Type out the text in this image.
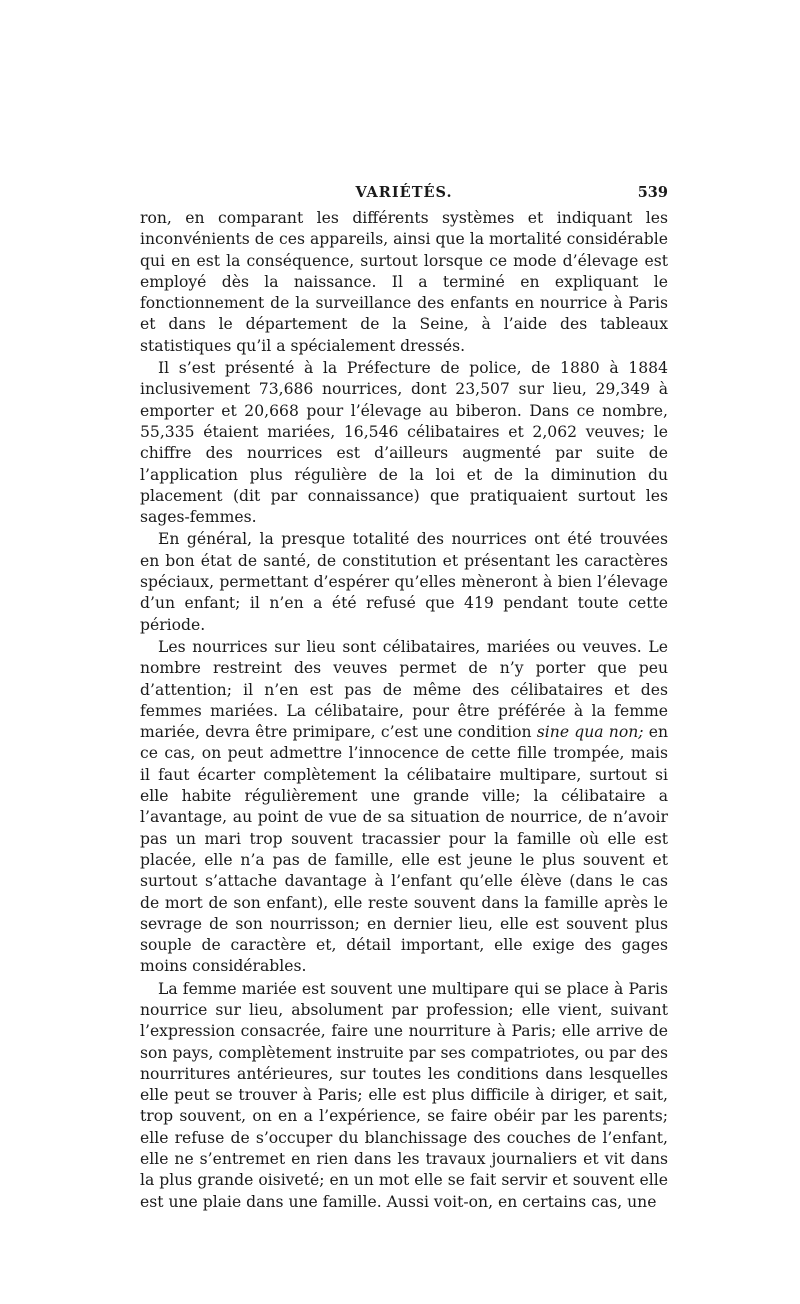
VARIÉTÉS.	539

ron, en comparant les différents systèmes et indiquant les inconvénients de ces appareils, ainsi que la mortalité considérable qui en est la conséquence, surtout lorsque ce mode d’élevage est employé dès la naissance. Il a terminé en expliquant le fonctionnement de la surveillance des enfants en nourrice à Paris et dans le département de la Seine, à l’aide des tableaux statistiques qu’il a spécialement dressés.

Il s’est présenté à la Préfecture de police, de 1880 à 1884 inclusivement 73,686 nourrices, dont 23,507 sur lieu, 29,349 à emporter et 20,668 pour l’élevage au biberon. Dans ce nombre, 55,335 étaient mariées, 16,546 célibataires et 2,062 veuves; le chiffre des nourrices est d’ailleurs augmenté par suite de l’application plus régulière de la loi et de la diminution du placement (dit par connaissance) que pratiquaient surtout les sages-femmes.

En général, la presque totalité des nourrices ont été trouvées en bon état de santé, de constitution et présentant les caractères spéciaux, permettant d’espérer qu’elles mèneront à bien l’élevage d’un enfant; il n’en a été refusé que 419 pendant toute cette période.

Les nourrices sur lieu sont célibataires, mariées ou veuves. Le nombre restreint des veuves permet de n’y porter que peu d’attention; il n’en est pas de même des célibataires et des femmes mariées. La célibataire, pour être préférée à la femme mariée, devra être primipare, c’est une condition sine qua non; en ce cas, on peut admettre l’innocence de cette fille trompée, mais il faut écarter complètement la célibataire multipare, surtout si elle habite régulièrement une grande ville; la célibataire a l’avantage, au point de vue de sa situation de nourrice, de n’avoir pas un mari trop souvent tracassier pour la famille où elle est placée, elle n’a pas de famille, elle est jeune le plus souvent et surtout s’attache davantage à l’enfant qu’elle élève (dans le cas de mort de son enfant), elle reste souvent dans la famille après le sevrage de son nourrisson; en dernier lieu, elle est souvent plus souple de caractère et, détail important, elle exige des gages moins considérables.

La femme mariée est souvent une multipare qui se place à Paris nourrice sur lieu, absolument par profession; elle vient, suivant l’expression consacrée, faire une nourriture à Paris; elle arrive de son pays, complètement instruite par ses compatriotes, ou par des nourritures antérieures, sur toutes les conditions dans lesquelles elle peut se trouver à Paris; elle est plus difficile à diriger, et sait, trop souvent, on en a l’expérience, se faire obéir par les parents; elle refuse de s’occuper du blanchissage des couches de l’enfant, elle ne s’entremet en rien dans les travaux journaliers et vit dans la plus grande oisiveté; en un mot elle se fait servir et souvent elle est une plaie dans une famille. Aussi voit-on, en certains cas, une
